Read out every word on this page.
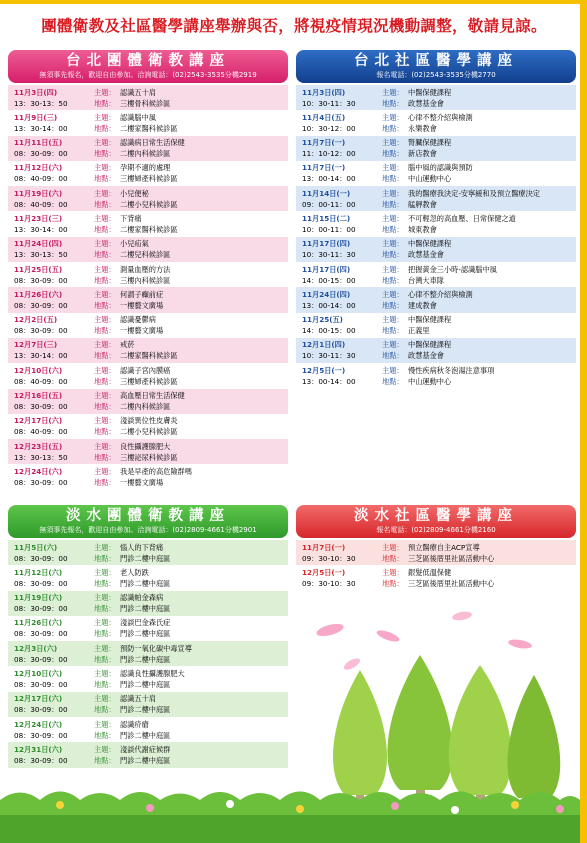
團體衛教及社區醫學講座舉辦與否，將視疫情現況機動調整，敬請見諒。
台北團體衛教講座
無須事先報名，歡迎自由參加。洽詢電話：(02)2543-3535分機2919
11月3日(四)
13：30-13：50
主題： 認識五十肩
地點： 三樓骨科候診區
11月9日(三)
13：30-14：00
主題： 認識腦中風
地點： 二樓家醫科候診區
11月11日(五)
08：30-09：00
主題： 認識病日常生活保健
地點： 二樓內科候診區
11月12日(六)
08：40-09：00
主題： 孕期不適的處理
地點： 三樓婦產科候診區
11月19日(六)
08：40-09：00
主題： 小兒便秘
地點： 二樓小兒科候診區
11月23日(三)
13：30-14：00
主題： 下背痛
地點： 二樓家醫科候診區
11月24日(四)
13：30-13：50
主題： 小兒疝氣
地點： 二樓兒科候診區
11月25日(五)
08：30-09：00
主題： 測量血壓的方法
地點： 三樓內科候診區
11月26日(六)
08：30-09：00
主題： 何謂子癲前症
地點： 一樓藝文廣場
12月2日(五)
08：30-09：00
主題： 認識憂鬱病
地點： 一樓藝文廣場
12月7日(三)
13：30-14：00
主題： 戒菸
地點： 二樓家醫科候診區
12月10日(六)
08：40-09：00
主題： 認識子宮內膜癌
地點： 三樓婦產科候診區
12月16日(五)
08：30-09：00
主題： 高血壓日常生活保健
地點： 二樓內科候診區
12月17日(六)
08：40-09：00
主題： 淺談異位性皮膚炎
地點： 二樓小兒科候診區
12月23日(五)
13：30-13：50
主題： 良性攝護腺肥大
地點： 三樓泌尿科候診區
12月24日(六)
08：30-09：00
主題： 我是早產的高危險群嗎
地點： 一樓藝文廣場
台北社區醫學講座
報名電話：(02)2543-3535分機2770
11月3日(四)
10：30-11：30
主題： 中醫保健課程
地點： 政慧基金會
11月4日(五)
10：30-12：00
主題： 心律不整介紹與檢測
地點： 永樂教會
11月7日(一)
11：10-12：00
主題： 腎臟保健課程
地點： 新店教會
11月7日(一)
13：00-14：00
主題： 腦中風的認識與預防
地點： 中山運動中心
11月14日(一)
09：00-11：00
主題： 我的醫療我決定-安寧緩和及預立醫療決定
地點： 艋舺教會
11月15日(二)
10：00-11：00
主題： 不可輕忽的高血壓、日常保健之道
地點： 城東教會
11月17日(四)
10：30-11：30
主題： 中醫保健課程
地點： 政慧基金會
11月17日(四)
14：00-15：00
主題： 把握黃金三小時-認識腦中風
地點： 台灣大車隊
11月24日(四)
13：00-14：00
主題： 心律不整介紹與檢測
地點： 建成教會
11月25(五)
14：00-15：00
主題： 中醫保健課程
地點： 正義里
12月1日(四)
10：30-11：30
主題： 中醫保健課程
地點： 政慧基金會
12月5日(一)
13：00-14：00
主題： 慢性疾病秋冬泡湯注意事項
地點： 中山運動中心
淡水團體衛教講座
無須事先報名，歡迎自由參加。洽詢電話：(02)2809-4661分機2901
11月5日(六)
08：30-09：00
主題： 惱人的下背痛
地點： 門診二樓中庭區
11月12日(六)
08：30-09：00
主題： 老人防跌
地點： 門診二樓中庭區
11月19日(六)
08：30-09：00
主題： 認識帕金森病
地點： 門診二樓中庭區
11月26日(六)
08：30-09：00
主題： 淺談巴金森氏症
地點： 門診二樓中庭區
12月3日(六)
08：30-09：00
主題： 預防一氧化碳中毒宣導
地點： 門診二樓中庭區
12月10日(六)
08：30-09：00
主題： 認識良性攝護腺肥大
地點： 門診二樓中庭區
12月17日(六)
08：30-09：00
主題： 認識五十肩
地點： 門診二樓中庭區
12月24日(六)
08：30-09：00
主題： 認識疥瘡
地點： 門診二樓中庭區
12月31日(六)
08：30-09：00
主題： 淺談代謝症候群
地點： 門診二樓中庭區
淡水社區醫學講座
報名電話：(02)2809-4661分機2160
11月7日(一)
09：30-10：30
主題： 預立醫療自主ACP宣導
地點： 三芝區後厝里社區活動中心
12月5日(一)
09：30-10：30
主題： 銀髮低溫保健
地點： 三芝區後厝里社區活動中心
